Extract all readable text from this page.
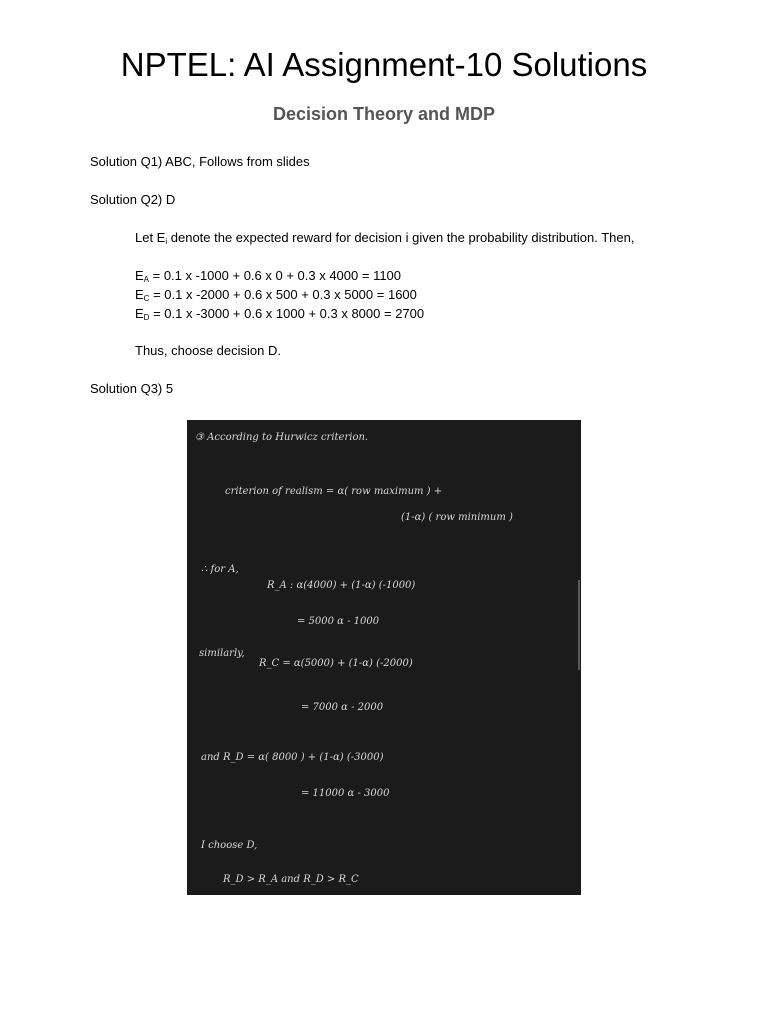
NPTEL: AI Assignment-10 Solutions
Decision Theory and MDP
Solution Q1) ABC, Follows from slides
Solution Q2) D
Let $E_i$ denote the expected reward for decision i given the probability distribution. Then,
$E_A = 0.1$ x -1000 + 0.6 x 0 + 0.3 x 4000 = 1100
$E_C = 0.1$ x -2000 + 0.6 x 500 + 0.3 x 5000 = 1600
$E_D = 0.1$ x -3000 + 0.6 x 1000 + 0.3 x 8000 = 2700
Thus, choose decision D.
Solution Q3) 5
③ According to Hurwicz criterion.
criterion of realism = α( row maximum ) +
(1-α) ( row minimum )
∴ for A,
R_A : α(4000) + (1-α) (-1000)
= 5000 α - 1000
similarly,
R_C = α(5000) + (1-α) (-2000)
= 7000 α - 2000
and R_D = α( 8000 ) + (1-α) (-3000)
= 11000 α - 3000
I choose D,
R_D > R_A and R_D > R_C
